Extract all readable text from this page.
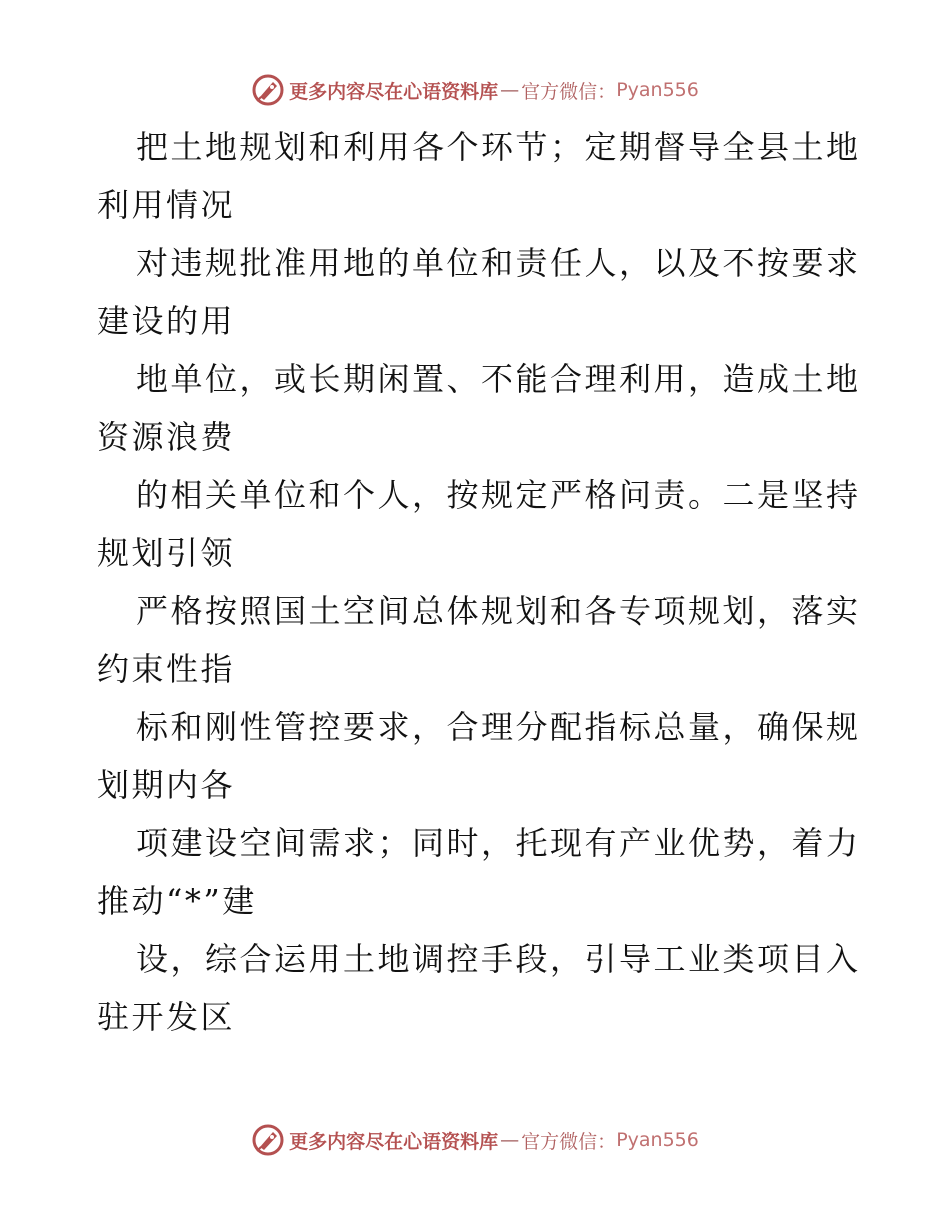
更多内容尽在心语资料库 — 官方微信： Pyan556
把土地规划和利用各个环节；定期督导全县土地
利用情况
对违规批准用地的单位和责任人，以及不按要求
建设的用
地单位，或长期闲置、不能合理利用，造成土地
资源浪费
的相关单位和个人，按规定严格问责。二是坚持
规划引领
严格按照国土空间总体规划和各专项规划，落实
约束性指
标和刚性管控要求，合理分配指标总量，确保规
划期内各
项建设空间需求；同时，托现有产业优势，着力
推动“*”建
设，综合运用土地调控手段，引导工业类项目入
驻开发区
更多内容尽在心语资料库 — 官方微信： Pyan556
